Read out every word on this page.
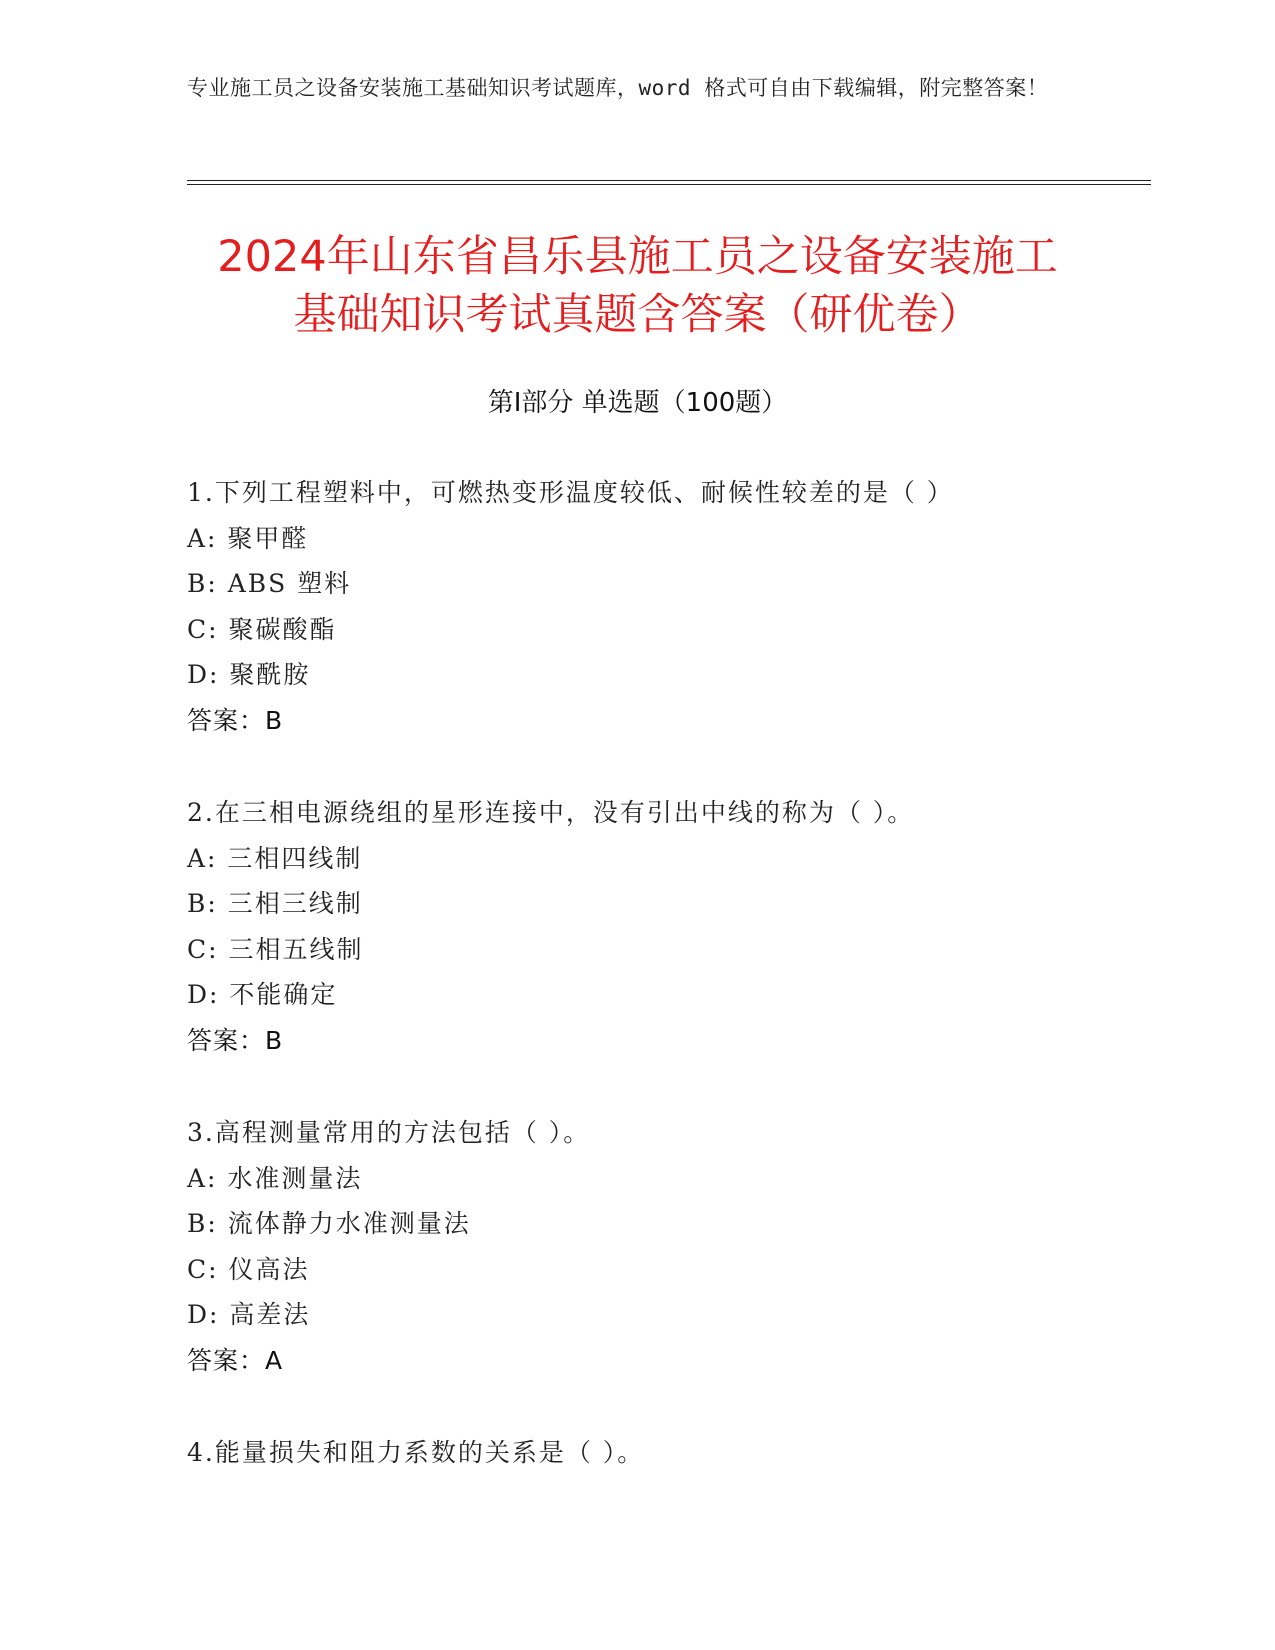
专业施工员之设备安装施工基础知识考试题库，word 格式可自由下载编辑，附完整答案！
2024年山东省昌乐县施工员之设备安装施工
基础知识考试真题含答案（研优卷）
第Ⅰ部分 单选题（100题）
1.下列工程塑料中，可燃热变形温度较低、耐候性较差的是（ ）
A: 聚甲醛
B: ABS 塑料
C: 聚碳酸酯
D: 聚酰胺
答案：B
2.在三相电源绕组的星形连接中，没有引出中线的称为（ ）。
A: 三相四线制
B: 三相三线制
C: 三相五线制
D: 不能确定
答案：B
3.高程测量常用的方法包括（ ）。
A: 水准测量法
B: 流体静力水准测量法
C: 仪高法
D: 高差法
答案：A
4.能量损失和阻力系数的关系是（ ）。
